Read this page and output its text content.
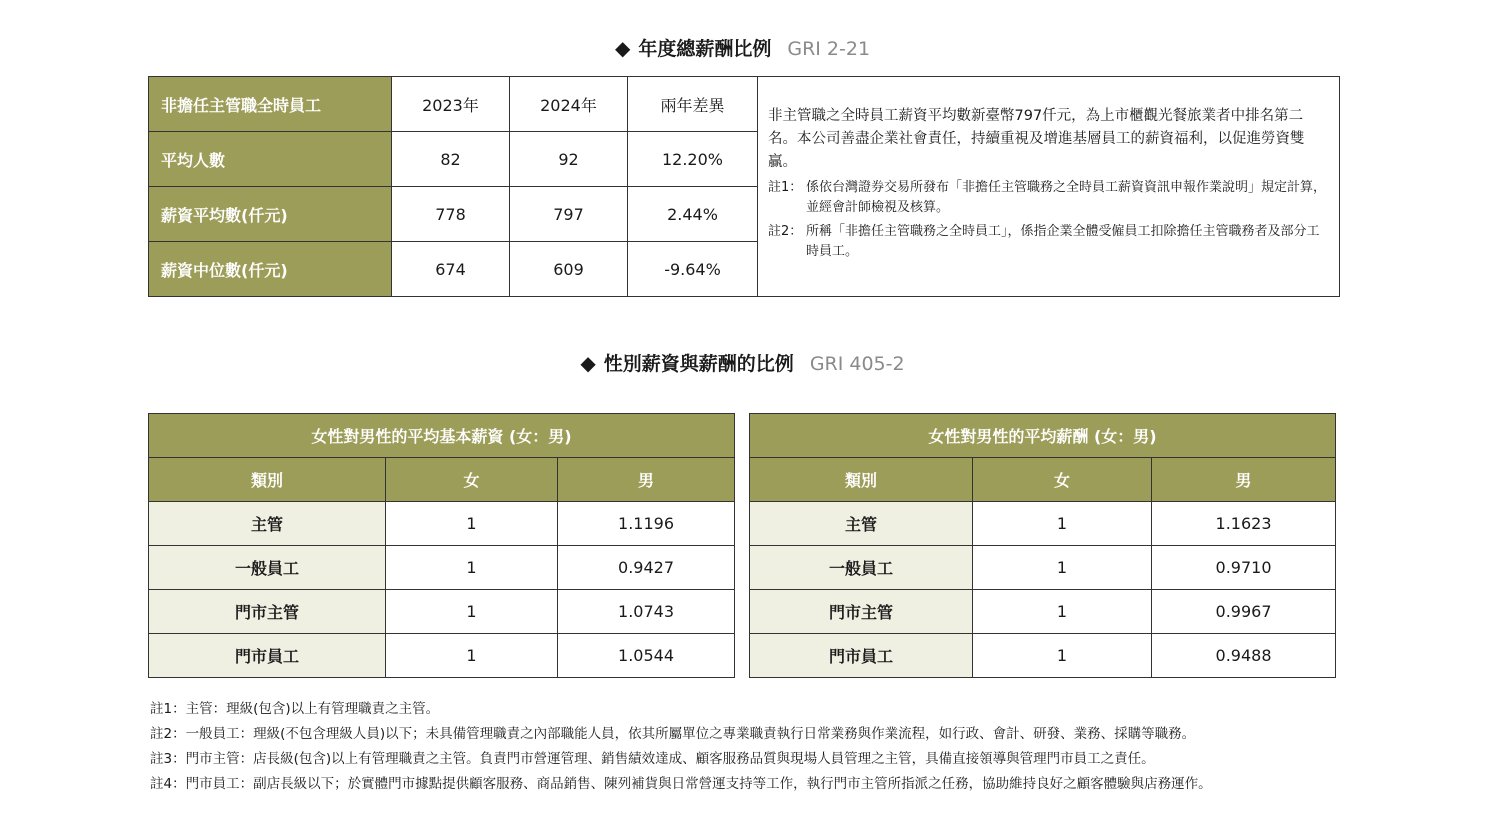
◆ 年度總薪酬比例 GRI 2-21
非擔任主管職全時員工	2023年	2024年	兩年差異	非主管職之全時員工薪資平均數新臺幣797仟元，為上市櫃觀光餐旅業者中排名第二名。本公司善盡企業社會責任，持續重視及增進基層員工的薪資福利，以促進勞資雙贏。
註1： 係依台灣證券交易所發布「非擔任主管職務之全時員工薪資資訊申報作業說明」規定計算，並經會計師檢視及核算。
註2： 所稱「非擔任主管職務之全時員工」，係指企業全體受僱員工扣除擔任主管職務者及部分工時員工。

平均人數	82	92	12.20%	
薪資平均數(仟元)	778	797	2.44%	
薪資中位數(仟元)	674	609	-9.64%	
◆ 性別薪資與薪酬的比例 GRI 405-2
女性對男性的平均基本薪資 (女：男)		
類別	女	男
主管	1	1.1196
一般員工	1	0.9427
門市主管	1	1.0743
門市員工	1	1.0544
女性對男性的平均薪酬 (女：男)		
類別	女	男
主管	1	1.1623
一般員工	1	0.9710
門市主管	1	0.9967
門市員工	1	0.9488
註1：主管：理級(包含)以上有管理職責之主管。
註2：一般員工：理級(不包含理級人員)以下；未具備管理職責之內部職能人員，依其所屬單位之專業職責執行日常業務與作業流程，如行政、會計、研發、業務、採購等職務。
註3：門市主管：店長級(包含)以上有管理職責之主管。負責門市營運管理、銷售績效達成、顧客服務品質與現場人員管理之主管，具備直接領導與管理門市員工之責任。
註4：門市員工：副店長級以下；於實體門市據點提供顧客服務、商品銷售、陳列補貨與日常營運支持等工作，執行門市主管所指派之任務，協助維持良好之顧客體驗與店務運作。
